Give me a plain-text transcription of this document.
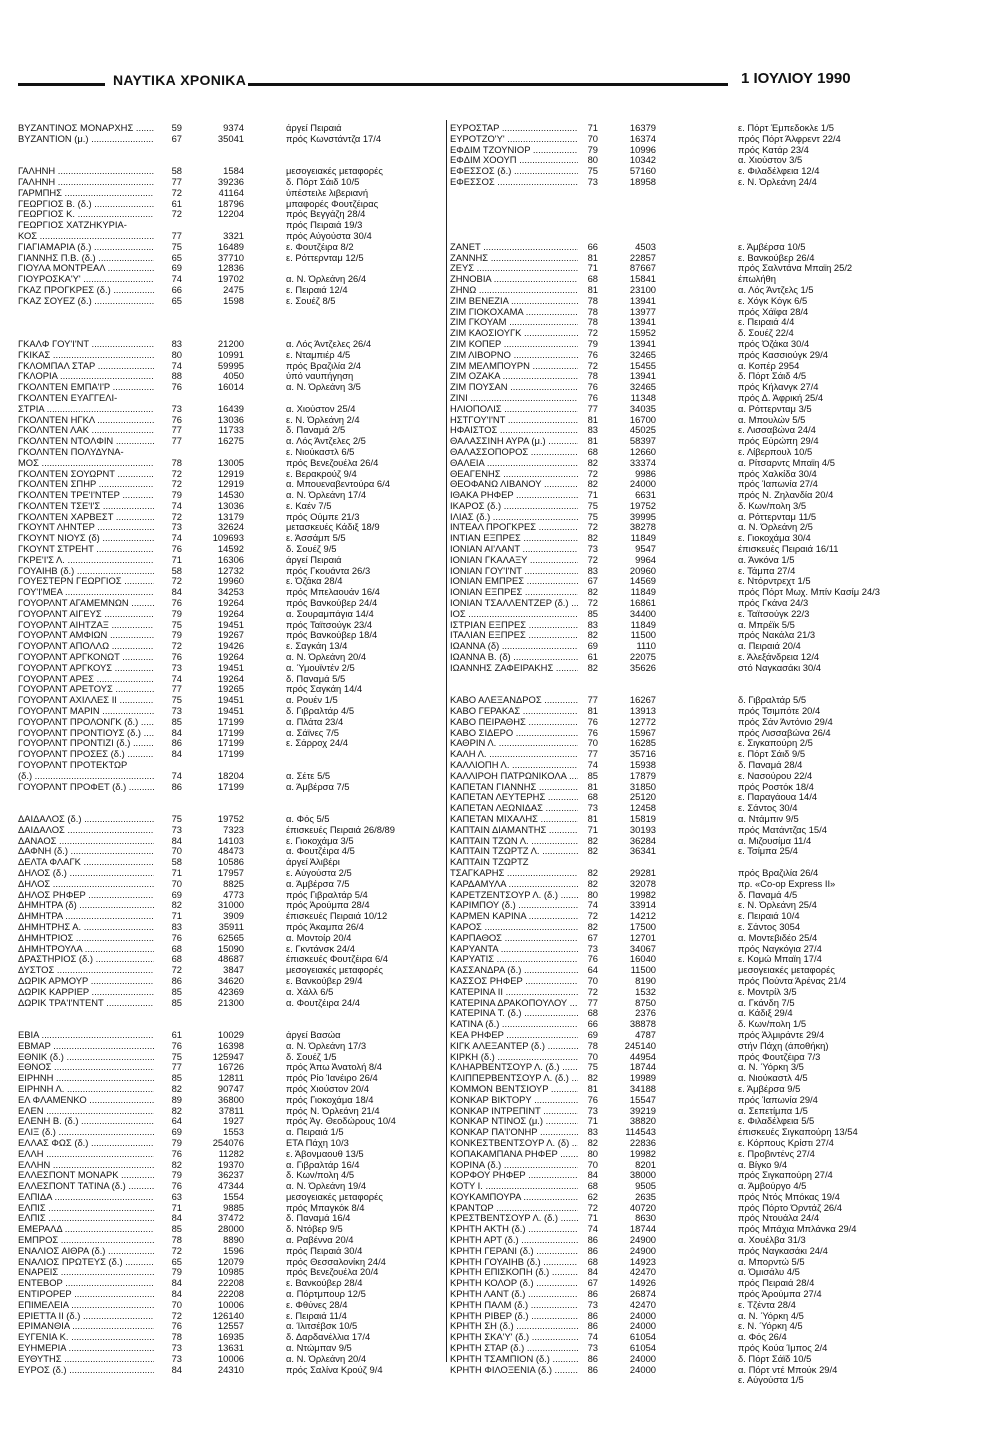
ΝΑΥΤΙΚΑ ΧΡΟΝΙΚΑ	1 ΙΟΥΛΙΟΥ 1990
ΒΥΖΑΝΤΙΝΟΣ ΜΟΝΑΡΧΗΣ .....	59	9374	άργεί Πειραιά
ΒΥΖΑΝΤΙΟΝ (μ.) .....	67	35041	πρός Κωνστάντζα 17/4
ΓΑΛΗΝΗ .....	58	1584	μεσογειακές μεταφορές
ΓΑΛΗΝΗ .....	77	39236	δ. Πόρτ Σάιδ 10/5
ΓΑΡΜΠΗΣ .....	72	41164	ύπέστειλε λιβεριανή
ΓΕΩΡΓΙΟΣ Β. (δ.) .....	61	18796	μπαφορές Φουτζέιρας
ΓΕΩΡΓΙΟΣ Κ. .....	72	12204	πρός Βεγγάζη 28/4
ΓΕΩΡΓΙΟΣ ΧΑΤΖΗΚΥΡΙΑ-	πρός Πειραιά 19/3
ΚΟΣ .....	77	3321	πρός Αύγούστα 30/4
ΓΙΑΓΙΑΜΑΡΙΑ (δ.) .....	75	16489	ε. Φουτζέιρα 8/2
ΓΙΑΝΝΗΣ Π.Β. (δ.) .....	65	37710	ε. Ρόττερνταμ 12/5
ΓΙΟΥΛΑ ΜΟΝΤΡΕΑΛ .....	69	12836
ΓΙΟΥΡΟΣΚΑ'Υ' .....	74	19702	α. Ν. Όρλεάνη 26/4
ΓΚΑΖ ΠΡΟΓΚΡΕΣ (δ.) .....	66	2475	ε. Πειραιά 12/4
ΓΚΑΖ ΣΟΥΕΖ (δ.) .....	65	1598	ε. Σουέζ 8/5
ΓΚΑΛΦ ΓΟΥ'Ι'ΝΤ .....	83	21200	α. Λός Άντζελες 26/4
ΓΚΙΚΑΣ .....	80	10991	ε. Νταμπιέρ 4/5
ΓΚΛΟΜΠΑΛ ΣΤΑΡ .....	74	59995	πρός Βραζιλία 2/4
ΓΚΛΟΡΙΑ .....	88	4050	ύπό ναυπήγηση
ΓΚΟΛΝΤΕΝ ΕΜΠΑ'Ι'Ρ .....	76	16014	α. Ν. Όρλεάνη 3/5
ΓΚΟΛΝΤΕΝ ΕΥΑΓΓΕΛΙ-
ΣΤΡΙΑ .....	73	16439	α. Χιούστον 25/4
ΓΚΟΛΝΤΕΝ ΗΓΚΛ .....	76	13036	ε. Ν. Όρλεάνη 2/4
ΓΚΟΛΝΤΕΝ ΛΑΚ .....	77	11733	δ. Παναμά 2/5
ΓΚΟΛΝΤΕΝ ΝΤΟΛΦΙΝ .....	77	16275	α. Λός Άντζελες 2/5
ΓΚΟΛΝΤΕΝ ΠΟΛΥΔΥΝΑ-	ε. Νιούκαστλ 6/5
ΜΟΣ .....	78	13005	πρός Βενεζουέλα 26/4
ΓΚΟΛΝΤΕΝ ΣΟΥΩΡΝΤ .....	72	12919	ε. Βερακρούζ 9/4
ΓΚΟΛΝΤΕΝ ΣΠΗΡ .....	72	12919	α. Μπουεναβεντούρα 6/4
ΓΚΟΛΝΤΕΝ ΤΡΕ'Ι'ΝΤΕΡ .....	79	14530	α. Ν. Όρλεάνη 17/4
ΓΚΟΛΝΤΕΝ ΤΣΕ'Ι'Σ .....	74	13036	ε. Καέν 7/5
ΓΚΟΛΝΤΕΝ ΧΑΡΒΕΣΤ .....	72	13179	πρός Ούμπε 21/3
ΓΚΟΥΝΤ ΛΗΝΤΕΡ .....	73	32624	μετασκευές Κάδιξ 18/9
ΓΚΟΥΝΤ ΝΙΟΥΣ (δ) .....	74	109693	ε. Άσσάμπ 5/5
ΓΚΟΥΝΤ ΣΤΡΕΗΤ .....	76	14592	δ. Σουέζ 9/5
ΓΚΡΕ'Ι'Σ Λ. .....	71	16306	άργεί Πειραιά
ΓΟΥΑΙΗΒ (δ.) .....	58	12732	πρός Γκουάντα 26/3
ΓΟΥΕΣΤΕΡΝ ΓΕΩΡΓΙΟΣ .....	72	19960	ε. Όζάκα 28/4
ΓΟΥ'Ι'ΜΕΑ .....	84	34253	πρός Μπελαουάν 16/4
ΓΟΥΟΡΛΝΤ ΑΓΑΜΕΜΝΩΝ .....	76	19264	πρός Βανκούβερ 24/4
ΓΟΥΟΡΛΝΤ ΑΙΓΕΥΣ .....	79	19264	α. Σουραμπάγια 14/4
ΓΟΥΟΡΛΝΤ ΑΙΗΤΖΑΞ .....	75	19451	πρός Ταϊτσούγκ 23/4
ΓΟΥΟΡΛΝΤ ΑΜΦΙΩΝ .....	79	19267	πρός Βανκούβερ 18/4
ΓΟΥΟΡΛΝΤ ΑΠΟΛΛΩ .....	72	19426	ε. Σαγκάη 13/4
ΓΟΥΟΡΛΝΤ ΑΡΓΚΟΝΩΤ .....	76	19264	α. Ν. Όρλεάνη 20/4
ΓΟΥΟΡΛΝΤ ΑΡΓΚΟΥΣ .....	73	19451	α. Ύμουϊντέν 2/5
ΓΟΥΟΡΛΝΤ ΑΡΕΣ .....	74	19264	δ. Παναμά 5/5
ΓΟΥΟΡΛΝΤ ΑΡΕΤΟΥΣ .....	77	19265	πρός Σαγκάη 14/4
ΓΟΥΟΡΛΝΤ ΑΧΙΛΛΕΣ ΙΙ .....	75	19451	α. Ρουέν 1/5
ΓΟΥΟΡΛΝΤ ΜΑΡΙΝ .....	73	19451	δ. Γιβραλτάρ 4/5
ΓΟΥΟΡΛΝΤ ΠΡΟΛΟΝΓΚ (δ.) .....	85	17199	α. Πλάτα 23/4
ΓΟΥΟΡΛΝΤ ΠΡΟΝΤΙΟΥΣ (δ.) .....	84	17199	α. Σάϊνες 7/5
ΓΟΥΟΡΛΝΤ ΠΡΟΝΤΙΖΙ (δ.) .....	86	17199	ε. Σάρροχ 24/4
ΓΟΥΟΡΛΝΤ ΠΡΟΣΕΣ (δ.) .....	84	17199
ΓΟΥΟΡΛΝΤ ΠΡΟΤΕΚΤΩΡ
(δ.) .....	74	18204	α. Σέτε 5/5
ΓΟΥΟΡΛΝΤ ΠΡΟΦΕΤ (δ.) .....	86	17199	α. Άμβέρσα 7/5
ΔΑΙΔΑΛΟΣ (δ.) .....	75	19752	α. Φός 5/5
ΔΑΙΔΑΛΟΣ .....	73	7323	έπισκευές Πειραιά 26/8/89
ΔΑΝΑΟΣ .....	84	14103	ε. Γιοκοχάμα 3/5
ΔΑΦΝΗ (δ.) .....	70	48473	α. Φουτζέιρα 4/5
ΔΕΛΤΑ ΦΛΑΓΚ .....	58	10586	άργεί Άλιβέρι
ΔΗΛΟΣ (δ.) .....	71	17957	ε. Αύγούστα 2/5
ΔΗΛΟΣ .....	70	8825	α. Άμβέρσα 7/5
ΔΗΛΟΣ ΡΗΦΕΡ .....	69	4773	πρός Γιβραλτάρ 5/4
ΔΗΜΗΤΡΑ (δ) .....	82	31000	πρός Άρούμπα 28/4
ΔΗΜΗΤΡΑ .....	71	3909	έπισκευές Πειραιά 10/12
ΔΗΜΗΤΡΗΣ Α. .....	83	35911	πρός Άκαμπα 26/4
ΔΗΜΗΤΡΙΟΣ .....	76	62565	α. Μοντοίρ 20/4
ΔΗΜΗΤΡΟΥΛΑ .....	68	15090	ε. Γκντάνσκ 24/4
ΔΡΑΣΤΗΡΙΟΣ (δ.) .....	68	48687	έπισκευές Φουτζέιρα 6/4
ΔΥΣΤΟΣ .....	72	3847	μεσογειακές μεταφορές
ΔΩΡΙΚ ΑΡΜΟΥΡ .....	86	34620	ε. Βανκούβερ 29/4
ΔΩΡΙΚ ΚΑΡΡΙΕΡ .....	85	42369	α. Χάλλ 6/5
ΔΩΡΙΚ ΤΡΑ'Ι'ΝΤΕΝΤ .....	85	21300	α. Φουτζέιρα 24/4
ΕΒΙΑ .....	61	10029	άργεί Βασώα
ΕΒΜΑΡ .....	76	16398	α. Ν. Όρλεάνη 17/3
ΕΘΝΙΚ (δ.) .....	75	125947	δ. Σουέζ 1/5
ΕΘΝΟΣ .....	77	16726	πρός Άπω Άνατολή 8/4
ΕΙΡΗΝΗ .....	85	12811	πρός Ρίο Ίανέιρο 26/4
ΕΙΡΗΝΗ Λ. .....	82	90747	πρός Χιούστον 20/4
ΕΛ ΦΛΑΜΕΝΚΟ .....	89	36800	πρός Γιοκοχάμα 18/4
ΕΛΕΝ .....	82	37811	πρός Ν. Όρλεάνη 21/4
ΕΛΕΝΗ Β. (δ.) .....	64	1927	πρός Άγ. Θεοδώρους 10/4
ΕΛΙΞ (δ.) .....	69	1553	α. Πειραιά 1/5
ΕΛΛΑΣ ΦΩΣ (δ.) .....	79	254076	ΕΤΑ Πάχη 10/3
ΕΛΛΗ .....	76	11282	ε. Άβονμαουθ 13/5
ΕΛΛΗΝ .....	82	19370	α. Γιβραλτάρ 16/4
ΕΛΛΕΣΠΟΝΤ ΜΟΝΑΡΚ .....	79	36237	δ. Κων/πολη 4/5
ΕΛΛΕΣΠΟΝΤ ΤΑΤΙΝΑ (δ.) .....	76	47344	α. Ν. Όρλεάνη 19/4
ΕΛΠΙΔΑ .....	63	1554	μεσογειακές μεταφορές
ΕΛΠΙΣ .....	71	9885	πρός Μπαγκόκ 8/4
ΕΛΠΙΣ .....	84	37472	δ. Παναμά 16/4
ΕΜΕΡΑΛΔ .....	85	28000	δ. Ντόβερ 9/5
ΕΜΠΡΟΣ .....	78	8890	α. Ραβέννα 20/4
ΕΝΑΛΙΟΣ ΑΙΘΡΑ (δ.) .....	72	1596	πρός Πειραιά 30/4
ΕΝΑΛΙΟΣ ΠΡΩΤΕΥΣ (δ.) .....	65	12079	πρός Θεσσαλονίκη 24/4
ΕΝΑΡΕΙΣ .....	79	10985	πρός Βενεζουέλα 20/4
ΕΝΤΕΒΟΡ .....	84	22208	ε. Βανκούβερ 28/4
ΕΝΤΙΡΟΡΕΡ .....	84	22208	α. Πόρτμπουρ 12/5
ΕΠΙΜΕΛΕΙΑ .....	70	10006	ε. Φθύνες 28/4
ΕΡΙΕΤΤΑ ΙΙ (δ.) .....	72	126140	ε. Πειραιά 11/4
ΕΡΙΜΑΝΘΙΑ .....	76	12557	α. Ίλιτσέβσκ 10/5
ΕΥΓΕΝΙΑ Κ. .....	78	16935	δ. Δαρδανέλλια 17/4
ΕΥΗΜΕΡΙΑ .....	73	13631	α. Ντώμπαν 9/5
ΕΥΘΥΤΗΣ .....	73	10006	α. Ν. Όρλεάνη 20/4
ΕΥΡΟΣ (δ.) .....	84	24310	πρός Σαλίνα Κρούζ 9/4
ΕΥΡΟΣΤΑΡ .....	71	16379	ε. Πόρτ Έμπεδοκλε 1/5
ΕΥΡΟΤΖΟ'Υ' .....	70	16374	πρός Πόρτ Άλφρεντ 22/4
ΕΦΔΙΜ ΤΖΟΥΝΙΟΡ .....	79	10996	πρός Κατάρ 23/4
ΕΦΔΙΜ ΧΟΟΥΠ .....	80	10342	α. Χιούστον 3/5
ΕΦΕΣΣΟΣ (δ.) .....	75	57160	ε. Φιλαδέλφεια 12/4
ΕΦΕΣΣΟΣ .....	73	18958	ε. Ν. Όρλεάνη 24/4
ΖΑΝΕΤ .....	66	4503	ε. Άμβέρσα 10/5
ΖΑΝΝΗΣ .....	81	22857	ε. Βανκούβερ 26/4
ΖΕΥΣ .....	71	87667	πρός Σαλντάνα Μπαϊη 25/2
ΖΗΝΟΒΙΑ .....	68	15841	έπωλήθη
ΖΗΝΩ .....	81	23100	α. Λός Άντζελς 1/5
ΖΙΜ ΒΕΝΕΖΙΑ .....	78	13941	ε. Χόγκ Κόγκ 6/5
ΖΙΜ ΓΙΟΚΟΧΑΜΑ .....	78	13977	πρός Χάϊφα 28/4
ΖΙΜ ΓΚΟΥΑΜ .....	78	13941	ε. Πειραιά 4/4
ΖΙΜ ΚΑΟΣΙΟΥΓΚ .....	72	15952	δ. Σουέζ 22/4
ΖΙΜ ΚΟΠΕΡ .....	79	13941	πρός Όζάκα 30/4
ΖΙΜ ΛΙΒΟΡΝΟ .....	76	32465	πρός Κασσιούγκ 29/4
ΖΙΜ ΜΕΛΜΠΟΥΡΝ .....	72	15455	α. Κοπέρ 2954
ΖΙΜ ΟΖΑΚΑ .....	78	13941	δ. Πόρτ Σάιδ 4/5
ΖΙΜ ΠΟΥΣΑΝ .....	76	32465	πρός Κήλανγκ 27/4
ΖΙΝΙ .....	76	11348	πρός Δ. Άφρική 25/4
ΗΛΙΟΠΟΛΙΣ .....	77	34035	α. Ρόττερνταμ 3/5
ΗΣΤΓΟΥ'Ι'ΝΤ .....	81	16700	α. Μπουλών 5/5
ΗΦΑΙΣΤΟΣ .....	83	45025	ε. Λισσαβώνα 24/4
ΘΑΛΑΣΣΙΝΗ ΑΥΡΑ (μ.) .....	81	58397	πρός Εύρώπη 29/4
ΘΑΛΑΣΣΟΠΟΡΟΣ .....	68	12660	ε. Λίβερπουλ 10/5
ΘΑΛΕΙΑ .....	82	33374	α. Ρίτσαρντς Μπαϊη 4/5
ΘΕΑΓΕΝΗΣ .....	72	9986	πρός Χαλκίδα 30/4
ΘΕΟΦΑΝΩ ΛΙΒΑΝΟΥ .....	82	24000	πρός Ίαπωνία 27/4
ΙΘΑΚΑ ΡΗΦΕΡ .....	71	6631	πρός Ν. Ζηλανδία 20/4
ΙΚΑΡΟΣ (δ.) .....	75	19752	δ. Κων/πολη 3/5
ΙΛΙΑΣ (δ.) .....	75	39995	α. Ρόττερνταμ 11/5
ΙΝΤΕΑΛ ΠΡΟΓΚΡΕΣ .....	72	38278	α. Ν. Όρλεάνη 2/5
ΙΝΤΙΑΝ ΕΞΠΡΕΣ .....	82	11849	ε. Γιοκοχάμα 30/4
ΙΟΝΙΑΝ ΑΙ'ΛΑΝΤ .....	73	9547	έπισκευές Πειραιά 16/11
ΙΟΝΙΑΝ ΓΚΑΛΑΞΥ .....	72	9964	α. Άνκόνα 1/5
ΙΟΝΙΑΝ ΓΟΥ'Ι'ΝΤ .....	83	20960	ε. Τάμπα 27/4
ΙΟΝΙΑΝ ΕΜΠΡΕΣ .....	67	14569	ε. Ντόρντρεχτ 1/5
ΙΟΝΙΑΝ ΕΞΠΡΕΣ .....	82	11849	πρός Πόρτ Μωχ. Μπίν Κασίμ 24/3
ΙΟΝΙΑΝ ΤΣΑΛΛΕΝΤΖΕΡ (δ.) .....	72	16861	πρός Γκάνα 24/3
ΙΟΣ .....	85	34400	ε. Ταϊτσούγκ 22/3
ΙΣΤΡΙΑΝ ΕΞΠΡΕΣ .....	83	11849	α. Μπρέϊκ 5/5
ΙΤΑΛΙΑΝ ΕΞΠΡΕΣ .....	82	11500	πρός Νακάλα 21/3
ΙΩΑΝΝΑ (δ) .....	69	1110	α. Πειραιά 20/4
ΙΩΑΝΝΑ Β. (δ) .....	61	22075	ε. Άλεξάνδρεια 12/4
ΙΩΑΝΝΗΣ ΖΑΦΕΙΡΑΚΗΣ .....	82	35626	στό Ναγκασάκι 30/4
ΚΑΒΟ ΑΛΕΞΑΝΔΡΟΣ .....	77	16267	δ. Γιβραλτάρ 5/5
ΚΑΒΟ ΓΕΡΑΚΑΣ .....	81	13913	πρός Τσιμπότε 20/4
ΚΑΒΟ ΠΕΙΡΑΘΗΣ .....	76	12772	πρός Σάν Άντόνιο 29/4
ΚΑΒΟ ΣΙΔΕΡΟ .....	76	15967	πρός Λισσαβώνα 26/4
ΚΑΘΡΙΝ Λ. .....	70	16285	ε. Σιγκαπούρη 2/5
ΚΑΛΗ Λ. .....	77	35716	ε. Πόρτ Σάιδ 9/5
ΚΑΛΛΙΟΠΗ Λ. .....	74	15938	δ. Παναμά 28/4
ΚΑΛΛΙΡΟΗ ΠΑΤΡΩΝΙΚΟΛΑ .....	85	17879	ε. Νασούρου 22/4
ΚΑΠΕΤΑΝ ΓΙΑΝΝΗΣ .....	81	31850	πρός Ροστόκ 18/4
ΚΑΠΕΤΑΝ ΛΕΥΤΕΡΗΣ .....	68	25120	ε. Παραγάουα 14/4
ΚΑΠΕΤΑΝ ΛΕΩΝΙΔΑΣ .....	73	12458	ε. Σάντος 30/4
ΚΑΠΕΤΑΝ ΜΙΧΑΛΗΣ .....	81	15819	α. Ντάμπιν 9/5
ΚΑΠΤΑΙΝ ΔΙΑΜΑΝΤΗΣ .....	71	30193	πρός Ματάντζας 15/4
ΚΑΠΤΑΙΝ ΤΖΩΝ Λ. .....	82	36284	α. Μιζουσίμα 11/4
ΚΑΠΤΑΙΝ ΤΖΩΡΤΖ Λ. .....	82	36341	ε. Τσίμπα 25/4
ΚΑΠΤΑΙΝ ΤΖΩΡΤΖ
ΤΣΑΓΚΑΡΗΣ .....	82	29281	πρός Βραζιλία 26/4
ΚΑΡΔΑΜΥΛΑ .....	82	32078	πρ. «Co-op Express II»
ΚΑΡΕΤΖΕΝΤΣΟΥΡ Λ. (δ.) .....	80	19982	δ. Παναμά 4/5
ΚΑΡΙΜΠΟΥ (δ.) .....	74	33914	ε. Ν. Όρλεάνη 25/4
ΚΑΡΜΕΝ ΚΑΡΙΝΑ .....	72	14212	ε. Πειραιά 10/4
ΚΑΡΟΣ .....	82	17500	ε. Σάντος 3054
ΚΑΡΠΑΘΟΣ .....	67	12701	α. Μοντεβιδέο 25/4
ΚΑΡΥΑΝΤΑ .....	73	34067	πρός Ναγκόγια 27/4
ΚΑΡΥΑΤΙΣ .....	76	16040	ε. Κομώ Μπαϊη 17/4
ΚΑΣΣΑΝΔΡΑ (δ.) .....	64	11500	μεσογειακές μεταφορές
ΚΑΣΣΟΣ ΡΗΦΕΡ .....	70	8190	πρός Πούντα Άρένας 21/4
ΚΑΤΕΡΙΝΑ ΙΙ .....	72	1532	ε. Μοντρίλ 3/5
ΚΑΤΕΡΙΝΑ ΔΡΑΚΟΠΟΥΛΟΥ .....	77	8750	α. Γκάνδη 7/5
ΚΑΤΕΡΙΝΑ Τ. (δ.) .....	68	2376	α. Κάδιξ 29/4
ΚΑΤΙΝΑ (δ.) .....	66	38878	δ. Κων/πολη 1/5
ΚΕΑ ΡΗΦΕΡ .....	69	4787	πρός Άλμιράντε 29/4
ΚΙΓΚ ΑΛΕΞΑΝΤΕΡ (δ.) .....	78	245140	στήν Πάχη (άποθήκη)
ΚΙΡΚΗ (δ.) .....	70	44954	πρός Φουτζέιρα 7/3
ΚΛΗΑΡΒΕΝΤΣΟΥΡ Λ. (δ.) .....	75	18744	α. Ν. Ύόρκη 3/5
ΚΛΙΠΠΕΡΒΕΝΤΣΟΥΡ Λ. (δ.) .....	82	19989	α. Νιούκαστλ 4/5
ΚΟΜΜΟΝ ΒΕΝΤΣΙΟΥΡ .....	81	34188	ε. Άμβέρσα 9/5
ΚΟΝΚΑΡ ΒΙΚΤΟΡΥ .....	76	15547	πρός Ίαπωνία 29/4
ΚΟΝΚΑΡ ΙΝΤΡΕΠΙΝΤ .....	73	39219	α. Σεπετίμπα 1/5
ΚΟΝΚΑΡ ΝΤΙΝΟΣ (μ.) .....	71	38820	ε. Φιλαδέλφεια 5/5
ΚΟΝΚΑΡ ΠΑ'Ι'ΟΝΗΡ .....	83	114543	έπισκευές Σιγκαπούρη 13/54
ΚΟΝΚΕΣΤΒΕΝΤΣΟΥΡ Λ. (δ) .....	82	22836	ε. Κόρπους Κρίστι 27/4
ΚΟΠΑΚΑΜΠΑΝΑ ΡΗΦΕΡ .....	80	19982	ε. Προβιντένς 27/4
ΚΟΡΙΝΑ (δ.) .....	70	8201	α. Βίγκο 9/4
ΚΟΡΦΟΥ ΡΗΦΕΡ .....	84	38000	πρός Σιγκαπούρη 27/4
ΚΟΤΥ Ι. .....	68	9505	α. Άμβούργο 4/5
ΚΟΥΚΑΜΠΟΥΡΑ .....	62	2635	πρός Ντός Μπόκας 19/4
ΚΡΑΝΤΩΡ .....	72	40720	πρός Πόρτο Όρντάζ 26/4
ΚΡΕΣΤΒΕΝΤΣΟΥΡ Λ. (δ.) .....	71	8630	πρός Ντουάλα 24/4
ΚΡΗΤΗ ΑΚΤΗ (δ.) .....	74	18744	πρός Μπάχια Μπλάνκα 29/4
ΚΡΗΤΗ ΑΡΤ (δ.) .....	86	24900	α. Χουέλβα 31/3
ΚΡΗΤΗ ΓΕΡΑΝΙ (δ.) .....	86	24900	πρός Ναγκασάκι 24/4
ΚΡΗΤΗ ΓΟΥΑΙΗΒ (δ.) .....	68	14923	α. Μπορντώ 5/5
ΚΡΗΤΗ ΕΠΙΣΚΟΠΗ (δ.) .....	84	42470	α. Όμισάλυ 4/5
ΚΡΗΤΗ ΚΟΛΟΡ (δ.) .....	67	14926	πρός Πειραιά 28/4
ΚΡΗΤΗ ΛΑΝΤ (δ.) .....	86	26874	πρός Άρούμπα 27/4
ΚΡΗΤΗ ΠΑΛΜ (δ.) .....	73	42470	ε. Τζέντα 28/4
ΚΡΗΤΗ ΡΙΒΕΡ (δ.) .....	86	24000	α. Ν. Ύόρκη 4/5
ΚΡΗΤΗ ΣΗ (δ.) .....	86	24000	ε. Ν. Ύόρκη 4/5
ΚΡΗΤΗ ΣΚΑ'Υ' (δ.) .....	74	61054	α. Φός 26/4
ΚΡΗΤΗ ΣΤΑΡ (δ.) .....	73	61054	πρός Κούα Ίμπος 2/4
ΚΡΗΤΗ ΤΣΑΜΠΙΟΝ (δ.) .....	86	24000	δ. Πόρτ Σάϊδ 10/5
ΚΡΗΤΗ ΦΙΛΟΞΕΝΙΑ (δ.) .....	86	24000	α. Πόρτ ντέ Μπούκ 29/4
ε. Αύγούστα 1/5
